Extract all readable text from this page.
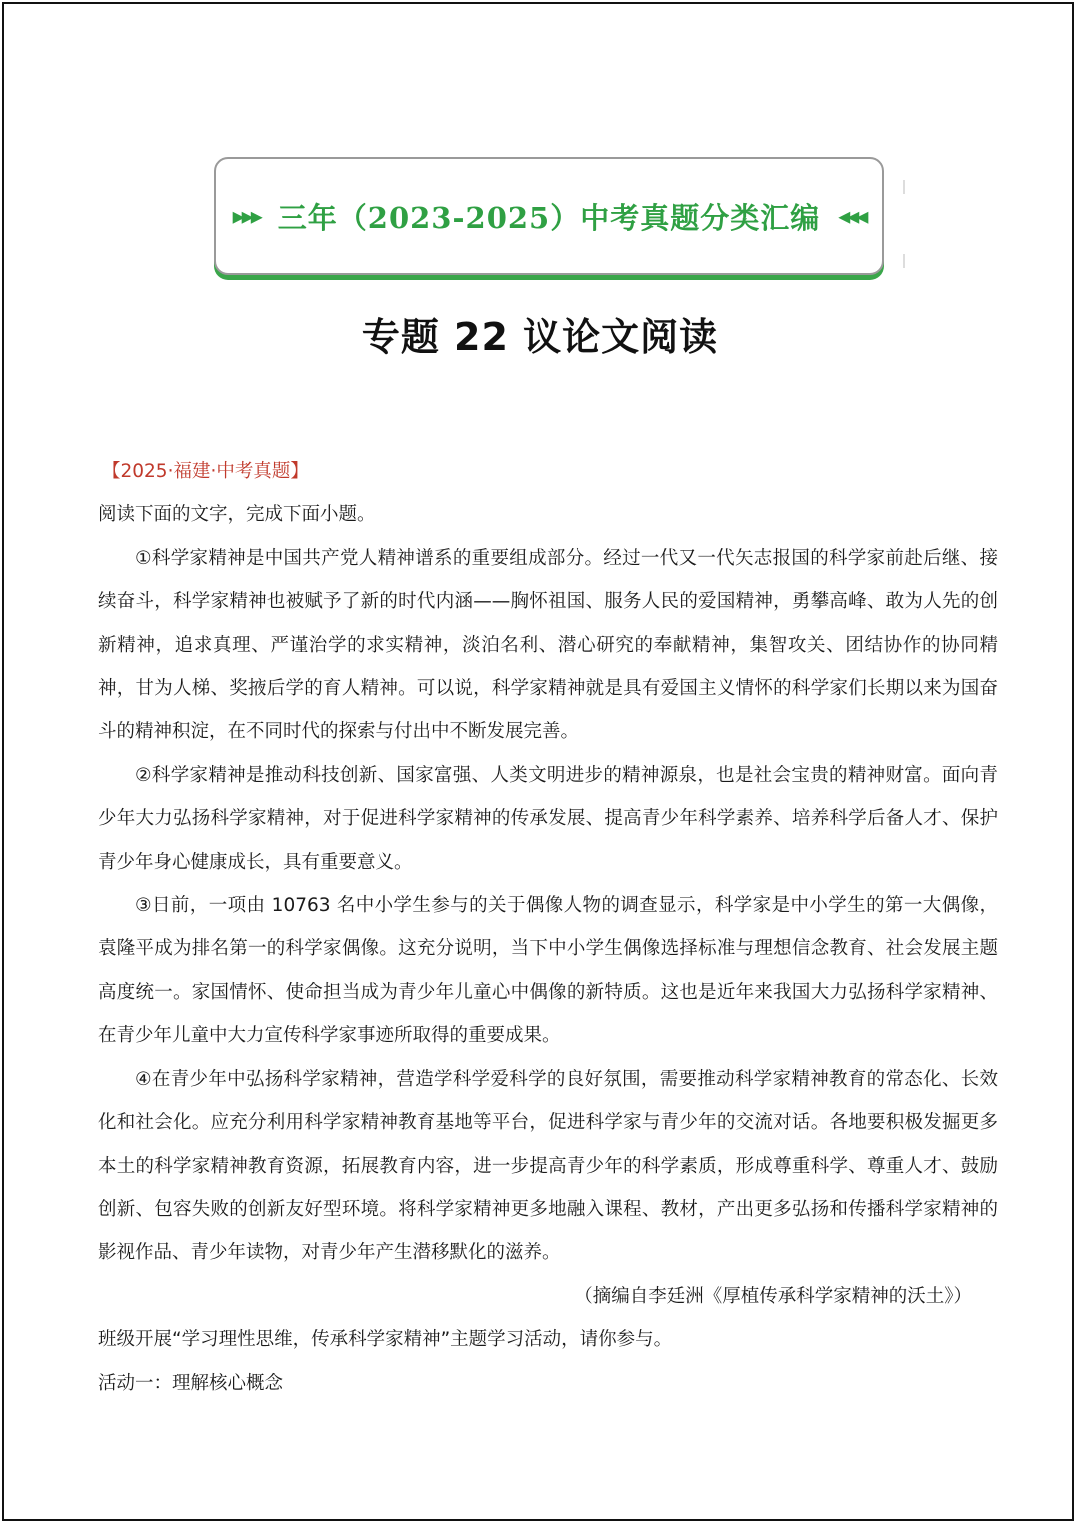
▸▸▸ 三年（2023-2025）中考真题分类汇编 ◂◂◂
专题 22 议论文阅读

【2025·福建·中考真题】

阅读下面的文字，完成下面小题。

①科学家精神是中国共产党人精神谱系的重要组成部分。经过一代又一代矢志报国的科学家前赴后继、接续奋斗，科学家精神也被赋予了新的时代内涵——胸怀祖国、服务人民的爱国精神，勇攀高峰、敢为人先的创新精神，追求真理、严谨治学的求实精神，淡泊名利、潜心研究的奉献精神，集智攻关、团结协作的协同精神，甘为人梯、奖掖后学的育人精神。可以说，科学家精神就是具有爱国主义情怀的科学家们长期以来为国奋斗的精神积淀，在不同时代的探索与付出中不断发展完善。

②科学家精神是推动科技创新、国家富强、人类文明进步的精神源泉，也是社会宝贵的精神财富。面向青少年大力弘扬科学家精神，对于促进科学家精神的传承发展、提高青少年科学素养、培养科学后备人才、保护青少年身心健康成长，具有重要意义。

③日前，一项由 10763 名中小学生参与的关于偶像人物的调查显示，科学家是中小学生的第一大偶像，袁隆平成为排名第一的科学家偶像。这充分说明，当下中小学生偶像选择标准与理想信念教育、社会发展主题高度统一。家国情怀、使命担当成为青少年儿童心中偶像的新特质。这也是近年来我国大力弘扬科学家精神、在青少年儿童中大力宣传科学家事迹所取得的重要成果。

④在青少年中弘扬科学家精神，营造学科学爱科学的良好氛围，需要推动科学家精神教育的常态化、长效化和社会化。应充分利用科学家精神教育基地等平台，促进科学家与青少年的交流对话。各地要积极发掘更多本土的科学家精神教育资源，拓展教育内容，进一步提高青少年的科学素质，形成尊重科学、尊重人才、鼓励创新、包容失败的创新友好型环境。将科学家精神更多地融入课程、教材，产出更多弘扬和传播科学家精神的影视作品、青少年读物，对青少年产生潜移默化的滋养。

（摘编自李廷洲《厚植传承科学家精神的沃土》）

班级开展“学习理性思维，传承科学家精神”主题学习活动，请你参与。

活动一：理解核心概念
